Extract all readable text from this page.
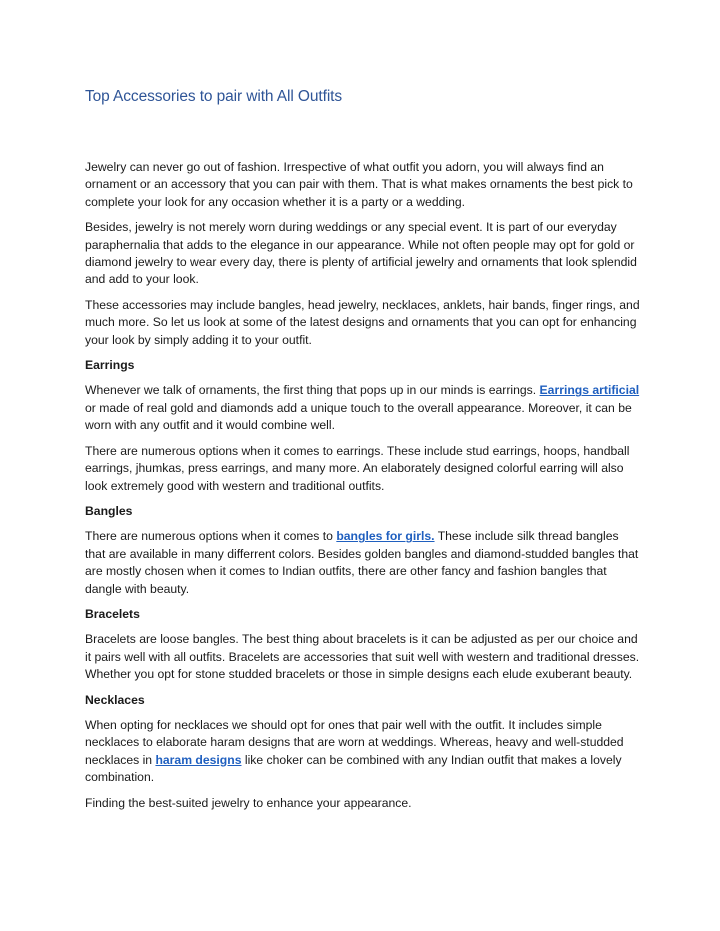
Top Accessories to pair with All Outfits

Jewelry can never go out of fashion. Irrespective of what outfit you adorn, you will always find an ornament or an accessory that you can pair with them. That is what makes ornaments the best pick to complete your look for any occasion whether it is a party or a wedding.

Besides, jewelry is not merely worn during weddings or any special event. It is part of our everyday paraphernalia that adds to the elegance in our appearance. While not often people may opt for gold or diamond jewelry to wear every day, there is plenty of artificial jewelry and ornaments that look splendid and add to your look.

These accessories may include bangles, head jewelry, necklaces, anklets, hair bands, finger rings, and much more. So let us look at some of the latest designs and ornaments that you can opt for enhancing your look by simply adding it to your outfit.

Earrings

Whenever we talk of ornaments, the first thing that pops up in our minds is earrings. Earrings artificial or made of real gold and diamonds add a unique touch to the overall appearance. Moreover, it can be worn with any outfit and it would combine well.

There are numerous options when it comes to earrings. These include stud earrings, hoops, handball earrings, jhumkas, press earrings, and many more. An elaborately designed colorful earring will also look extremely good with western and traditional outfits.

Bangles

There are numerous options when it comes to bangles for girls. These include silk thread bangles that are available in many differrent colors. Besides golden bangles and diamond-studded bangles that are mostly chosen when it comes to Indian outfits, there are other fancy and fashion bangles that dangle with beauty.

Bracelets

Bracelets are loose bangles. The best thing about bracelets is it can be adjusted as per our choice and it pairs well with all outfits. Bracelets are accessories that suit well with western and traditional dresses. Whether you opt for stone studded bracelets or those in simple designs each elude exuberant beauty.

Necklaces

When opting for necklaces we should opt for ones that pair well with the outfit. It includes simple necklaces to elaborate haram designs that are worn at weddings. Whereas, heavy and well-studded necklaces in haram designs like choker can be combined with any Indian outfit that makes a lovely combination.

Finding the best-suited jewelry to enhance your appearance.
